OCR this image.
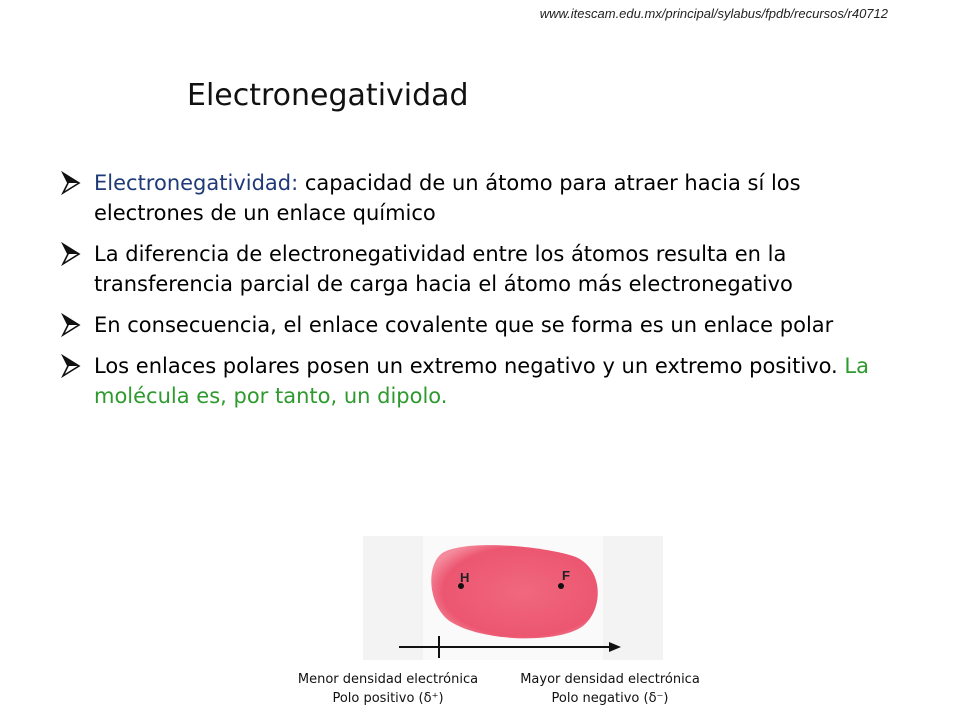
www.itescam.edu.mx/principal/sylabus/fpdb/recursos/r40712
Electronegatividad
Electronegatividad: capacidad de un átomo para atraer hacia sí los electrones de un enlace químico
La diferencia de electronegatividad entre los átomos resulta en la transferencia parcial de carga hacia el átomo más electronegativo
En consecuencia, el enlace covalente que se forma es un enlace polar
Los enlaces polares posen un extremo negativo y un extremo positivo. La molécula es, por tanto, un dipolo.
H	F
Menor densidad electrónica
Polo positivo (δ⁺)
Mayor densidad electrónica
Polo negativo (δ⁻)
